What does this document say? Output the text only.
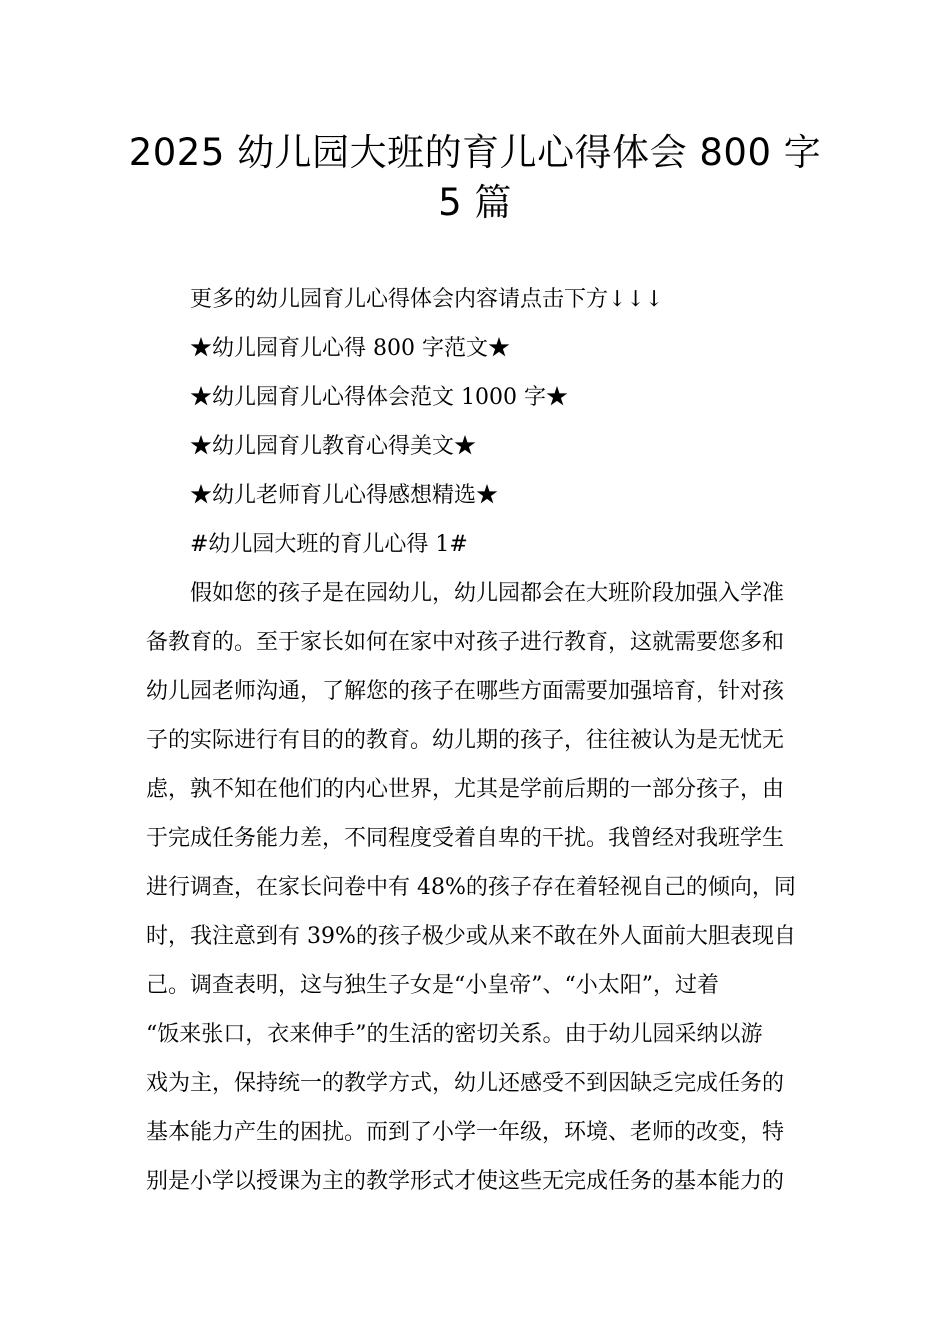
2025 幼儿园大班的育儿心得体会 800 字
5 篇

更多的幼儿园育儿心得体会内容请点击下方↓↓↓

★幼儿园育儿心得 800 字范文★

★幼儿园育儿心得体会范文 1000 字★

★幼儿园育儿教育心得美文★

★幼儿老师育儿心得感想精选★

#幼儿园大班的育儿心得 1#

假如您的孩子是在园幼儿，幼儿园都会在大班阶段加强入学准

备教育的。至于家长如何在家中对孩子进行教育，这就需要您多和

幼儿园老师沟通，了解您的孩子在哪些方面需要加强培育，针对孩

子的实际进行有目的的教育。幼儿期的孩子，往往被认为是无忧无

虑，孰不知在他们的内心世界，尤其是学前后期的一部分孩子，由

于完成任务能力差，不同程度受着自卑的干扰。我曾经对我班学生

进行调查，在家长问卷中有 48%的孩子存在着轻视自己的倾向，同

时，我注意到有 39%的孩子极少或从来不敢在外人面前大胆表现自

己。调查表明，这与独生子女是“小皇帝”、“小太阳”，过着

“饭来张口，衣来伸手”的生活的密切关系。由于幼儿园采纳以游

戏为主，保持统一的教学方式，幼儿还感受不到因缺乏完成任务的

基本能力产生的困扰。而到了小学一年级，环境、老师的改变，特

别是小学以授课为主的教学形式才使这些无完成任务的基本能力的
